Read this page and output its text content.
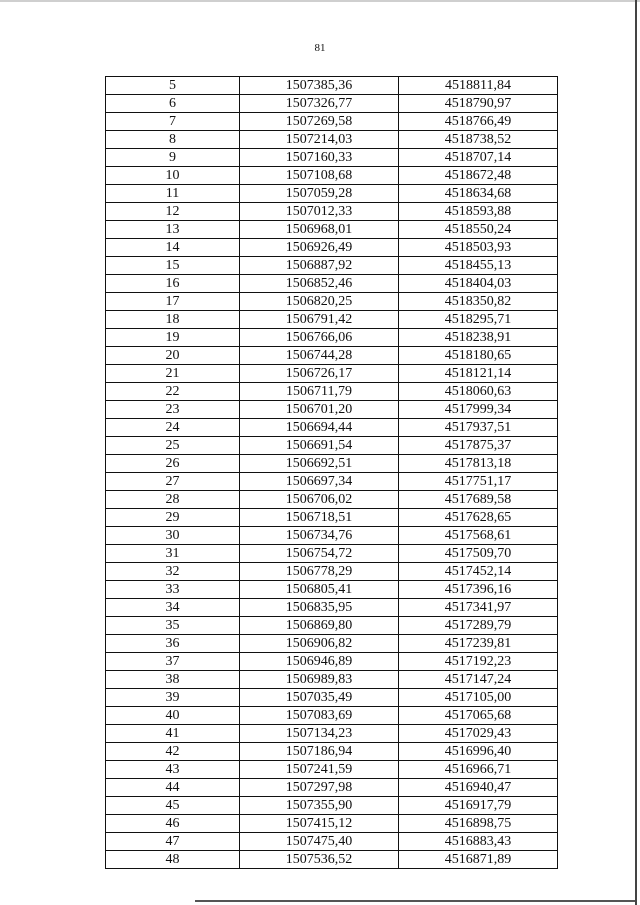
81
5	1507385,36	4518811,84
6	1507326,77	4518790,97
7	1507269,58	4518766,49
8	1507214,03	4518738,52
9	1507160,33	4518707,14
10	1507108,68	4518672,48
11	1507059,28	4518634,68
12	1507012,33	4518593,88
13	1506968,01	4518550,24
14	1506926,49	4518503,93
15	1506887,92	4518455,13
16	1506852,46	4518404,03
17	1506820,25	4518350,82
18	1506791,42	4518295,71
19	1506766,06	4518238,91
20	1506744,28	4518180,65
21	1506726,17	4518121,14
22	1506711,79	4518060,63
23	1506701,20	4517999,34
24	1506694,44	4517937,51
25	1506691,54	4517875,37
26	1506692,51	4517813,18
27	1506697,34	4517751,17
28	1506706,02	4517689,58
29	1506718,51	4517628,65
30	1506734,76	4517568,61
31	1506754,72	4517509,70
32	1506778,29	4517452,14
33	1506805,41	4517396,16
34	1506835,95	4517341,97
35	1506869,80	4517289,79
36	1506906,82	4517239,81
37	1506946,89	4517192,23
38	1506989,83	4517147,24
39	1507035,49	4517105,00
40	1507083,69	4517065,68
41	1507134,23	4517029,43
42	1507186,94	4516996,40
43	1507241,59	4516966,71
44	1507297,98	4516940,47
45	1507355,90	4516917,79
46	1507415,12	4516898,75
47	1507475,40	4516883,43
48	1507536,52	4516871,89
